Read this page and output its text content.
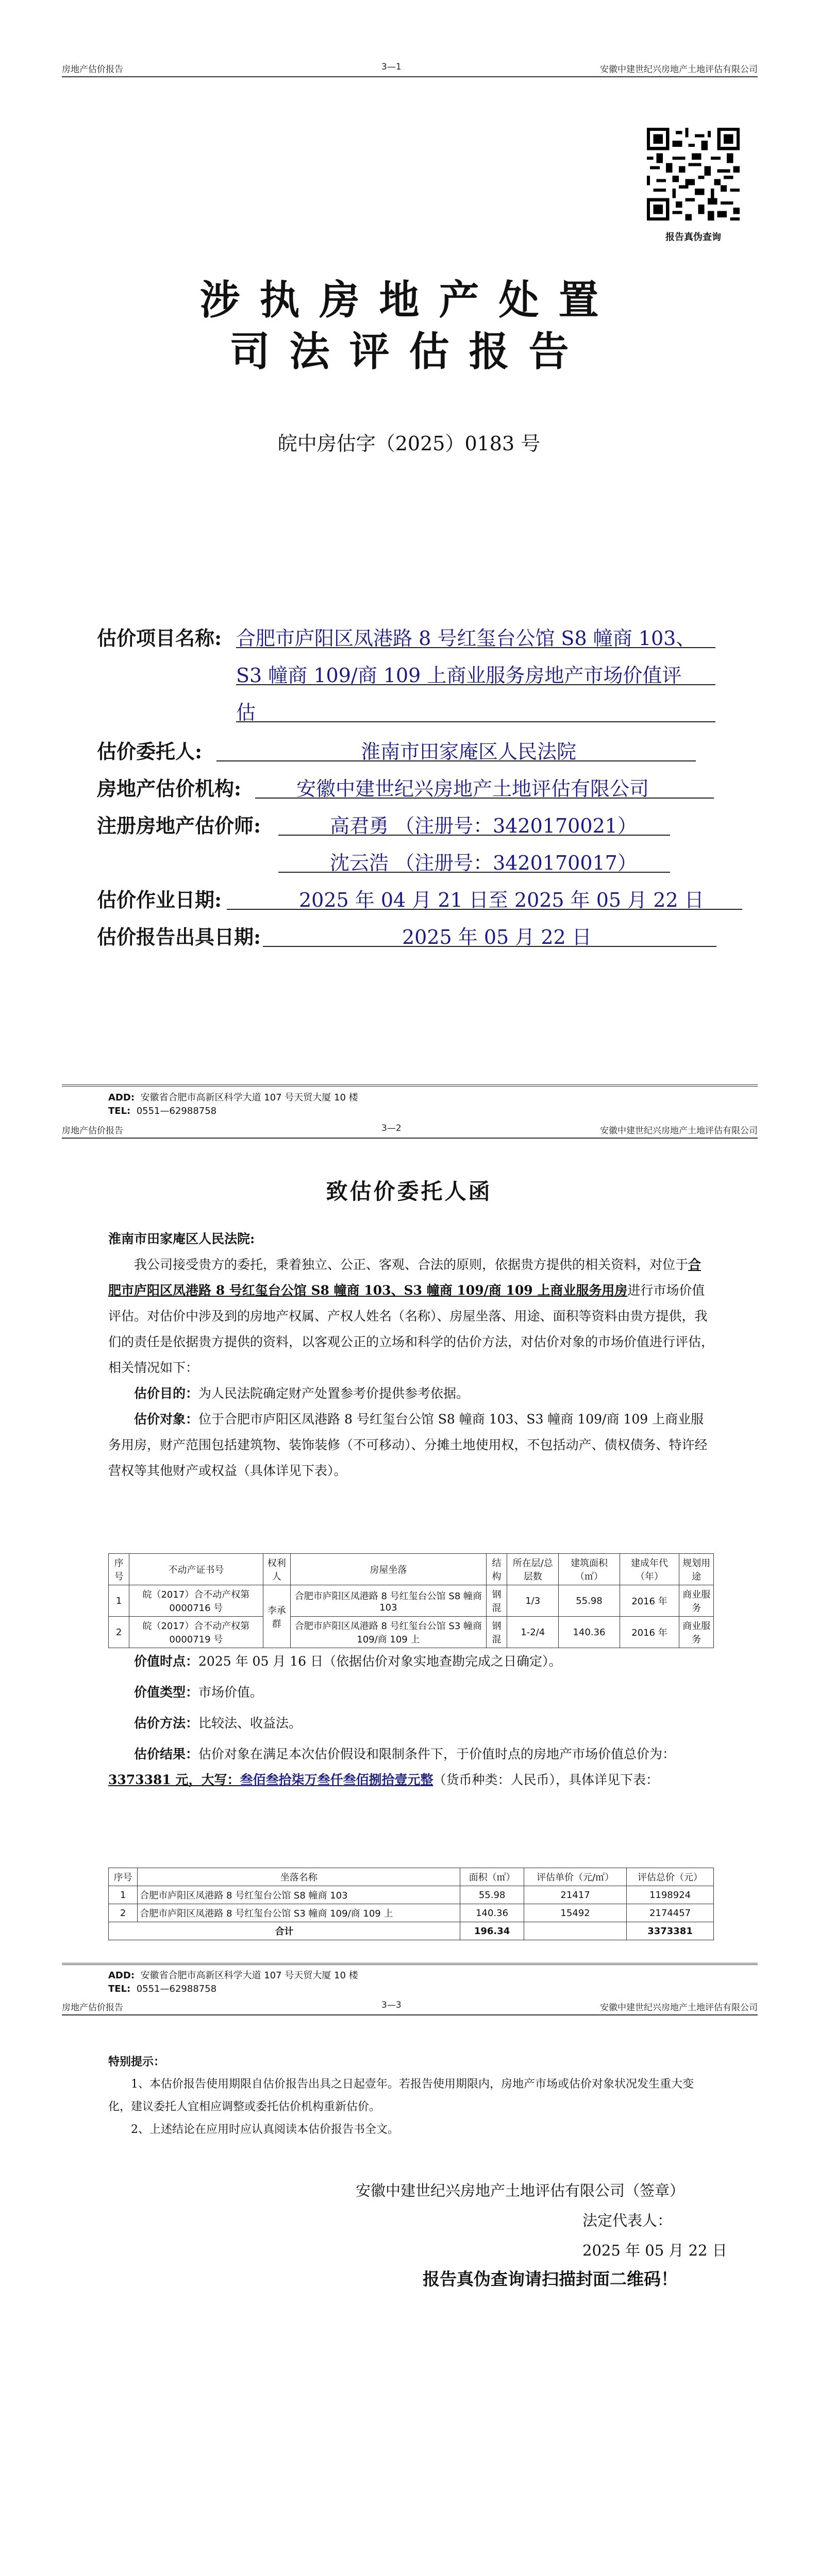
房地产估价报告	3—1	安徽中建世纪兴房地产土地评估有限公司
报告真伪查询
涉执房地产处置
司法评估报告
皖中房估字（2025）0183 号
估价项目名称: 合肥市庐阳区凤港路 8 号红玺台公馆 S8 幢商 103、
S3 幢商 109/商 109 上商业服务房地产市场价值评
估
估价委托人:	淮南市田家庵区人民法院
房地产估价机构:	安徽中建世纪兴房地产土地评估有限公司
注册房地产估价师:	高君勇 （注册号：3420170021）
沈云浩 （注册号：3420170017）
估价作业日期:	2025 年 04 月 21 日至 2025 年 05 月 22 日
估价报告出具日期:	2025 年 05 月 22 日
ADD: 安徽省合肥市高新区科学大道 107 号天贸大厦 10 楼
TEL: 0551—62988758
房地产估价报告	3—2	安徽中建世纪兴房地产土地评估有限公司
致估价委托人函

淮南市田家庵区人民法院:

我公司接受贵方的委托，秉着独立、公正、客观、合法的原则，依据贵方提供的相关资料，对位于合肥市庐阳区凤港路 8 号红玺台公馆 S8 幢商 103、S3 幢商 109/商 109 上商业服务用房进行市场价值评估。对估价中涉及到的房地产权属、产权人姓名（名称）、房屋坐落、用途、面积等资料由贵方提供，我们的责任是依据贵方提供的资料，以客观公正的立场和科学的估价方法，对估价对象的市场价值进行评估，相关情况如下：

估价目的：为人民法院确定财产处置参考价提供参考依据。

估价对象：位于合肥市庐阳区凤港路 8 号红玺台公馆 S8 幢商 103、S3 幢商 109/商 109 上商业服务用房，财产范围包括建筑物、装饰装修（不可移动）、分摊土地使用权，不包括动产、债权债务、特许经营权等其他财产或权益（具体详见下表）。

序号	不动产证书号	权利人	房屋坐落	结构	所在层/总层数	建筑面积（㎡）	建成年代（年）	规划用途
1	皖（2017）合不动产权第0000716 号	李承群	合肥市庐阳区凤港路 8 号红玺台公馆 S8 幢商 103	钢混	1/3	55.98	2016 年	商业服务
2	皖（2017）合不动产权第0000719 号		合肥市庐阳区凤港路 8 号红玺台公馆 S3 幢商 109/商 109 上	钢混	1-2/4	140.36	2016 年	商业服务

价值时点：2025 年 05 月 16 日（依据估价对象实地查勘完成之日确定）。

价值类型：市场价值。

估价方法：比较法、收益法。

估价结果：估价对象在满足本次估价假设和限制条件下，于价值时点的房地产市场价值总价为：3373381 元，大写：叁佰叁拾柒万叁仟叁佰捌拾壹元整（货币种类：人民币），具体详见下表：

序号	坐落名称	面积（㎡）	评估单价（元/㎡）	评估总价（元）
1	合肥市庐阳区凤港路 8 号红玺台公馆 S8 幢商 103	55.98	21417	1198924
2	合肥市庐阳区凤港路 8 号红玺台公馆 S3 幢商 109/商 109 上	140.36	15492	2174457
合计		196.34		3373381
ADD: 安徽省合肥市高新区科学大道 107 号天贸大厦 10 楼
TEL: 0551—62988758
房地产估价报告	3—3	安徽中建世纪兴房地产土地评估有限公司
特别提示：

1、本估价报告使用期限自估价报告出具之日起壹年。若报告使用期限内，房地产市场或估价对象状况发生重大变化，建议委托人宜相应调整或委托估价机构重新估价。

2、上述结论在应用时应认真阅读本估价报告书全文。

安徽中建世纪兴房地产土地评估有限公司（签章）
法定代表人：
2025 年 05 月 22 日
报告真伪查询请扫描封面二维码！
